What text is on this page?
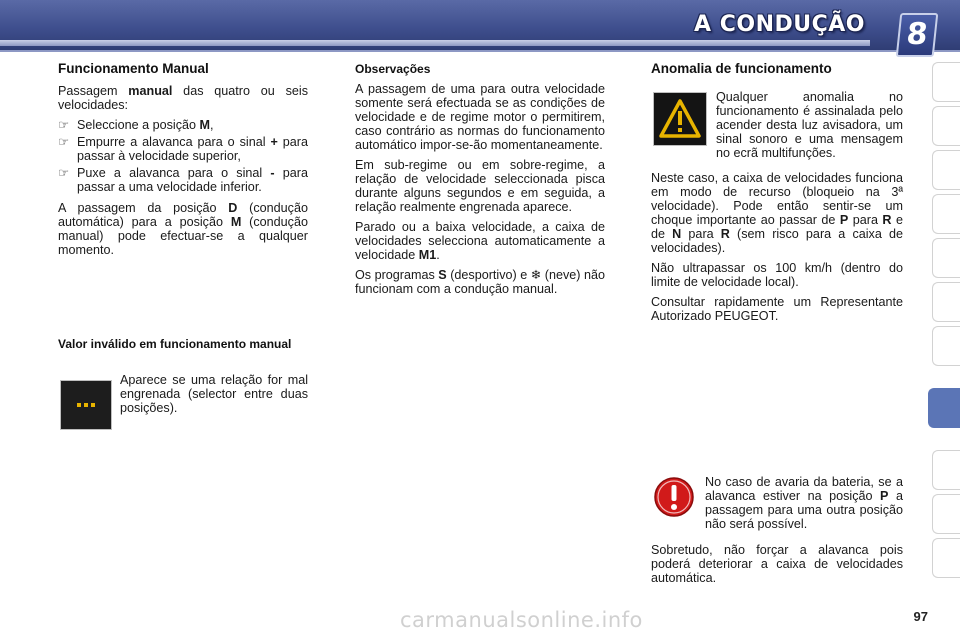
A CONDUÇÃO	8
Funcionamento Manual

Passagem manual das quatro ou seis velocidades:

☞ Seleccione a posição M,
☞ Empurre a alavanca para o sinal + para passar à velocidade superior,
☞ Puxe a alavanca para o sinal - para passar a uma velocidade inferior.

A passagem da posição D (condução automática) para a posição M (condução manual) pode efectuar-se a qualquer momento.

Valor inválido em funcionamento manual

Aparece se uma relação for mal engrenada (selector entre duas posições).

Observações

A passagem de uma para outra velocidade somente será efectuada se as condições de velocidade e de regime motor o permitirem, caso contrário as normas do funcionamento automático impor-se-ão momentaneamente.

Em sub-regime ou em sobre-regime, a relação de velocidade seleccionada pisca durante alguns segundos e em seguida, a relação realmente engrenada aparece.

Parado ou a baixa velocidade, a caixa de velocidades selecciona automaticamente a velocidade M1.

Os programas S (desportivo) e ❄ (neve) não funcionam com a condução manual.

Anomalia de funcionamento

Qualquer anomalia no funcionamento é assinalada pelo acender desta luz avisadora, um sinal sonoro e uma mensagem no ecrã multifunções.

Neste caso, a caixa de velocidades funciona em modo de recurso (bloqueio na 3ª velocidade). Pode então sentir-se um choque importante ao passar de P para R e de N para R (sem risco para a caixa de velocidades).

Não ultrapassar os 100 km/h (dentro do limite de velocidade local).

Consultar rapidamente um Representante Autorizado PEUGEOT.

No caso de avaria da bateria, se a alavanca estiver na posição P a passagem para uma outra posição não será possível.

Sobretudo, não forçar a alavanca pois poderá deteriorar a caixa de velocidades automática.

carmanualsonline.info	97
